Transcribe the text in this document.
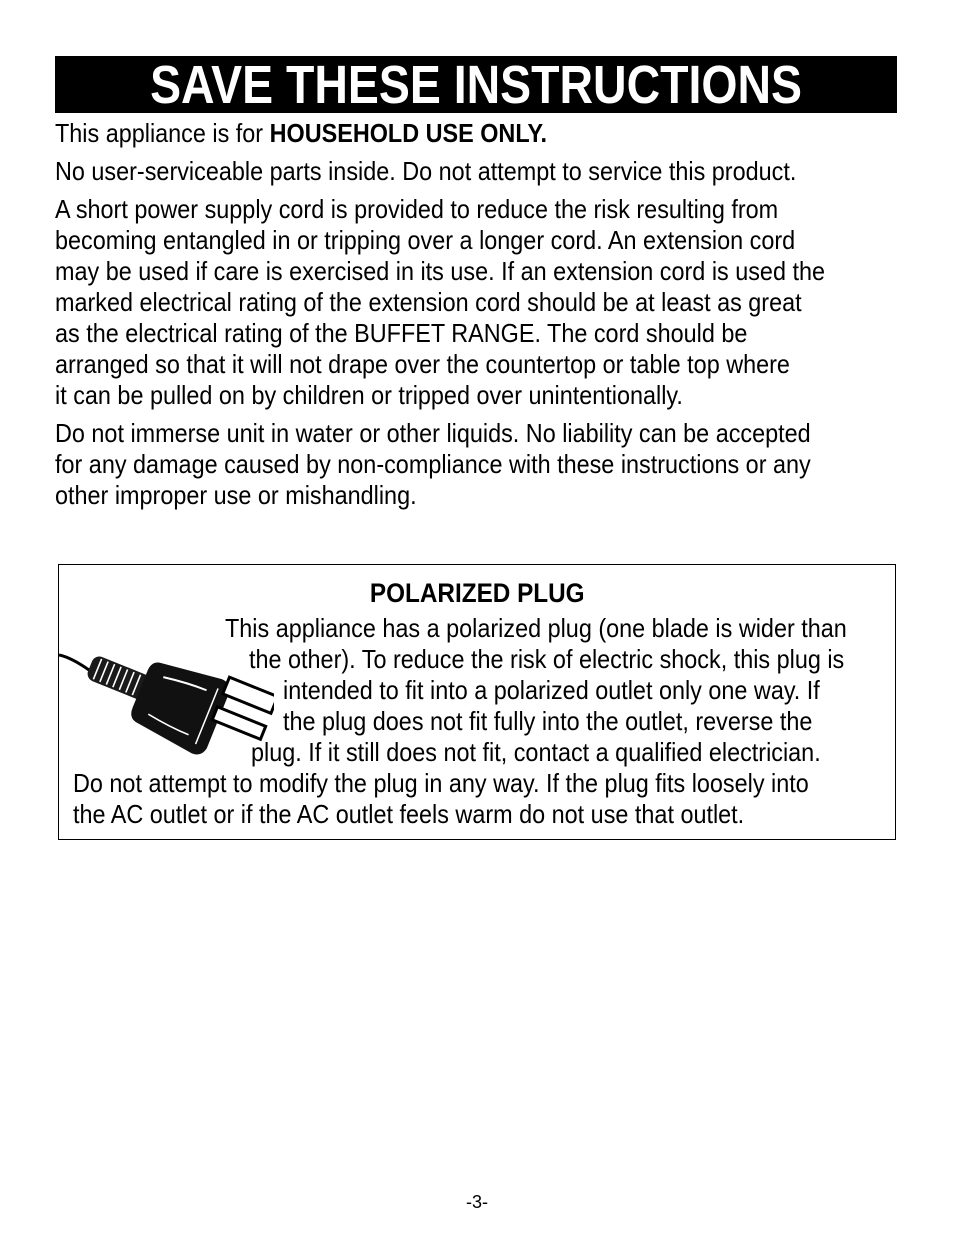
SAVE THESE INSTRUCTIONS

This appliance is for HOUSEHOLD USE ONLY.

No user-serviceable parts inside. Do not attempt to service this product.

A short power supply cord is provided to reduce the risk resulting from
becoming entangled in or tripping over a longer cord. An extension cord
may be used if care is exercised in its use. If an extension cord is used the
marked electrical rating of the extension cord should be at least as great
as the electrical rating of the BUFFET RANGE. The cord should be
arranged so that it will not drape over the countertop or table top where
it can be pulled on by children or tripped over unintentionally.

Do not immerse unit in water or other liquids. No liability can be accepted
for any damage caused by non-compliance with these instructions or any
other improper use or mishandling.

POLARIZED PLUG
This appliance has a polarized plug (one blade is wider than
the other). To reduce the risk of electric shock, this plug is
intended to fit into a polarized outlet only one way. If
the plug does not fit fully into the outlet, reverse the
plug. If it still does not fit, contact a qualified electrician.
Do not attempt to modify the plug in any way. If the plug fits loosely into
the AC outlet or if the AC outlet feels warm do not use that outlet.
-3-
